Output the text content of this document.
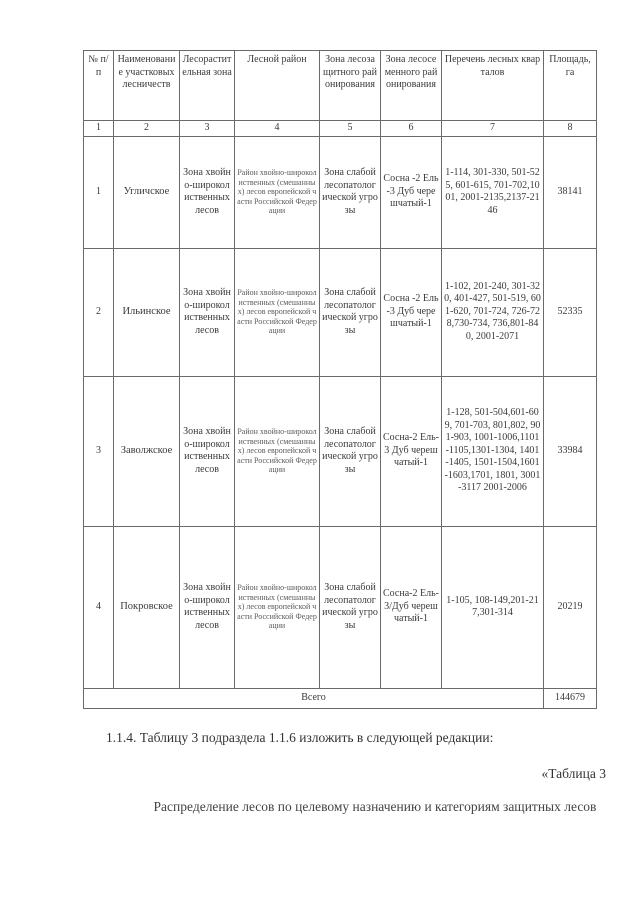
№ п/п	Наименование участковых лесничеств	Лесорастительная зона	Лесной район	Зона лесозащитного районирования	Зона лесосеменного районирования	Перечень лесных кварталов	Площадь, га
1	2	3	4	5	6	7	8
1	Угличское	Зона хвойно-широколиственных лесов	Район хвойно-широколиственных (смешанных) лесов европейской части Российской Федерации	Зона слабой лесопатологической угрозы	Сосна -2 Ель-3 Дуб черешчатый-1	1-114, 301-330, 501-525, 601-615, 701-702,1001, 2001-2135,2137-2146	38141
2	Ильинское	Зона хвойно-широколиственных лесов	Район хвойно-широколиственных (смешанных) лесов европейской части Российской Федерации	Зона слабой лесопатологической угрозы	Сосна -2 Ель-3 Дуб черешчатый-1	1-102, 201-240, 301-320, 401-427, 501-519, 601-620, 701-724, 726-728,730-734, 736,801-840, 2001-2071	52335
3	Заволжское	Зона хвойно-широколиственных лесов	Район хвойно-широколиственных (смешанных) лесов европейской части Российской Федерации	Зона слабой лесопатологической угрозы	Сосна-2 Ель-3 Дуб черешчатый-1	1-128, 501-504,601-609, 701-703, 801,802, 901-903, 1001-1006,1101-1105,1301-1304, 1401-1405, 1501-1504,1601-1603,1701, 1801, 3001-3117 2001-2006	33984
4	Покровское	Зона хвойно-широколиственных лесов	Район хвойно-широколиственных (смешанных) лесов европейской части Российской Федерации	Зона слабой лесопатологической угрозы	Сосна-2 Ель-3/Дуб черешчатый-1	1-105, 108-149,201-217,301-314	20219
Всего							144679
1.1.4. Таблицу 3 подраздела 1.1.6 изложить в следующей редакции:
«Таблица 3
Распределение лесов по целевому назначению и категориям защитных лесов
